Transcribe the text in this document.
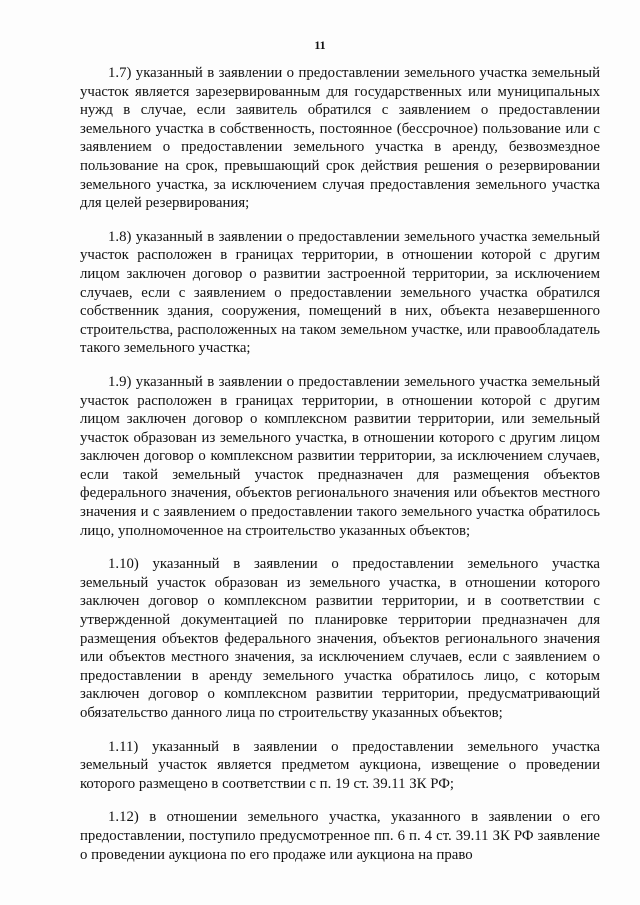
11

1.7) указанный в заявлении о предоставлении земельного участка земельный участок является зарезервированным для государственных или муниципальных нужд в случае, если заявитель обратился с заявлением о предоставлении земельного участка в собственность, постоянное (бессрочное) пользование или с заявлением о предоставлении земельного участка в аренду, безвозмездное пользование на срок, превышающий срок действия решения о резервировании земельного участка, за исключением случая предоставления земельного участка для целей резервирования;

1.8) указанный в заявлении о предоставлении земельного участка земельный участок расположен в границах территории, в отношении которой с другим лицом заключен договор о развитии застроенной территории, за исключением случаев, если с заявлением о предоставлении земельного участка обратился собственник здания, сооружения, помещений в них, объекта незавершенного строительства, расположенных на таком земельном участке, или правообладатель такого земельного участка;

1.9) указанный в заявлении о предоставлении земельного участка земельный участок расположен в границах территории, в отношении которой с другим лицом заключен договор о комплексном развитии территории, или земельный участок образован из земельного участка, в отношении которого с другим лицом заключен договор о комплексном развитии территории, за исключением случаев, если такой земельный участок предназначен для размещения объектов федерального значения, объектов регионального значения или объектов местного значения и с заявлением о предоставлении такого земельного участка обратилось лицо, уполномоченное на строительство указанных объектов;

1.10) указанный в заявлении о предоставлении земельного участка земельный участок образован из земельного участка, в отношении которого заключен договор о комплексном развитии территории, и в соответствии с утвержденной документацией по планировке территории предназначен для размещения объектов федерального значения, объектов регионального значения или объектов местного значения, за исключением случаев, если с заявлением о предоставлении в аренду земельного участка обратилось лицо, с которым заключен договор о комплексном развитии территории, предусматривающий обязательство данного лица по строительству указанных объектов;

1.11) указанный в заявлении о предоставлении земельного участка земельный участок является предметом аукциона, извещение о проведении которого размещено в соответствии с п. 19 ст. 39.11 ЗК РФ;

1.12) в отношении земельного участка, указанного в заявлении о его предоставлении, поступило предусмотренное пп. 6 п. 4 ст. 39.11 ЗК РФ заявление о проведении аукциона по его продаже или аукциона на право
